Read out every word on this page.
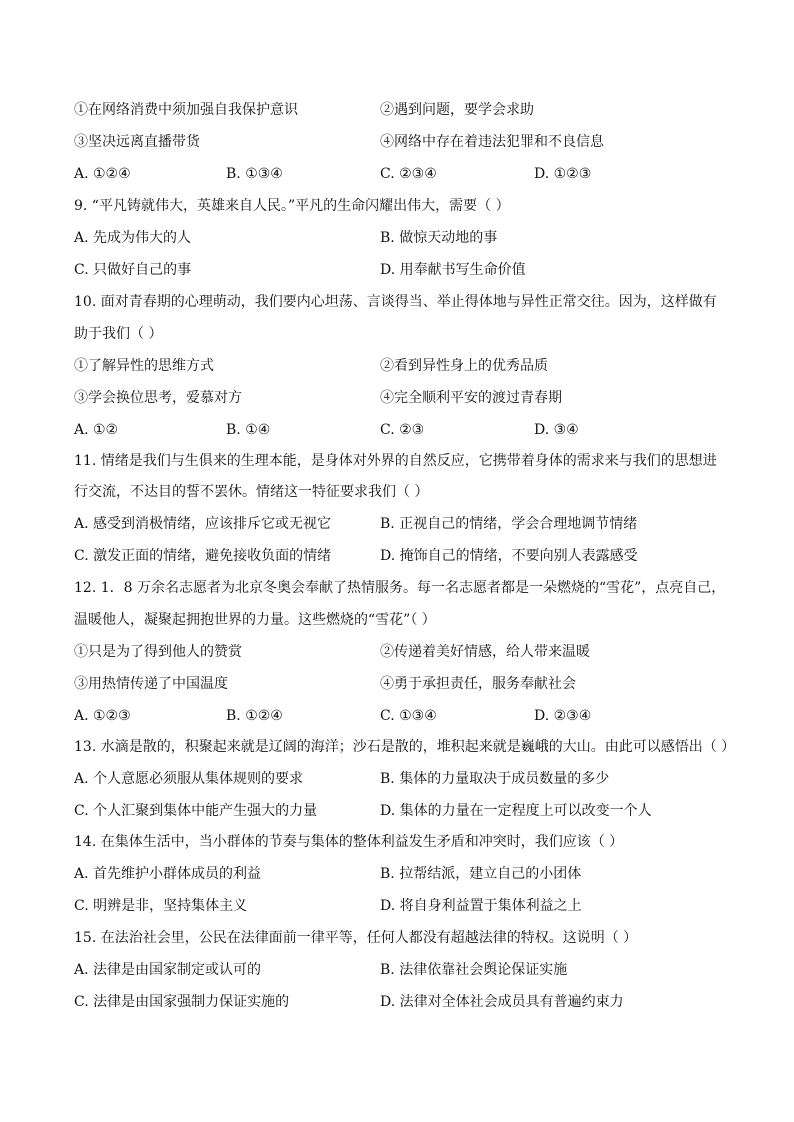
①在网络消费中须加强自我保护意识	②遇到问题，要学会求助
③坚决远离直播带货	④网络中存在着违法犯罪和不良信息
A. ①②④	B. ①③④	C. ②③④	D. ①②③
9. “平凡铸就伟大，英雄来自人民。”平凡的生命闪耀出伟大，需要（ ）
A. 先成为伟大的人	B. 做惊天动地的事
C. 只做好自己的事	D. 用奉献书写生命价值
10. 面对青春期的心理萌动，我们要内心坦荡、言谈得当、举止得体地与异性正常交往。因为，这样做有
助于我们（ ）
①了解异性的思维方式	②看到异性身上的优秀品质
③学会换位思考，爱慕对方	④完全顺利平安的渡过青春期
A. ①②	B. ①④	C. ②③	D. ③④
11. 情绪是我们与生俱来的生理本能，是身体对外界的自然反应，它携带着身体的需求来与我们的思想进
行交流，不达目的誓不罢休。情绪这一特征要求我们（ ）
A. 感受到消极情绪，应该排斥它或无视它	B. 正视自己的情绪，学会合理地调节情绪
C. 激发正面的情绪，避免接收负面的情绪	D. 掩饰自己的情绪，不要向别人表露感受
12. 1．8 万余名志愿者为北京冬奥会奉献了热情服务。每一名志愿者都是一朵燃烧的“雪花”，点亮自己，
温暖他人，凝聚起拥抱世界的力量。这些燃烧的“雪花”（ ）
①只是为了得到他人的赞赏	②传递着美好情感，给人带来温暖
③用热情传递了中国温度	④勇于承担责任，服务奉献社会
A. ①②③	B. ①②④	C. ①③④	D. ②③④
13. 水滴是散的，积聚起来就是辽阔的海洋；沙石是散的，堆积起来就是巍峨的大山。由此可以感悟出（ ）
A. 个人意愿必须服从集体规则的要求	B. 集体的力量取决于成员数量的多少
C. 个人汇聚到集体中能产生强大的力量	D. 集体的力量在一定程度上可以改变一个人
14. 在集体生活中，当小群体的节奏与集体的整体利益发生矛盾和冲突时，我们应该（ ）
A. 首先维护小群体成员的利益	B. 拉帮结派，建立自己的小团体
C. 明辨是非，坚持集体主义	D. 将自身利益置于集体利益之上
15. 在法治社会里，公民在法律面前一律平等，任何人都没有超越法律的特权。这说明（ ）
A. 法律是由国家制定或认可的	B. 法律依靠社会舆论保证实施
C. 法律是由国家强制力保证实施的	D. 法律对全体社会成员具有普遍约束力
